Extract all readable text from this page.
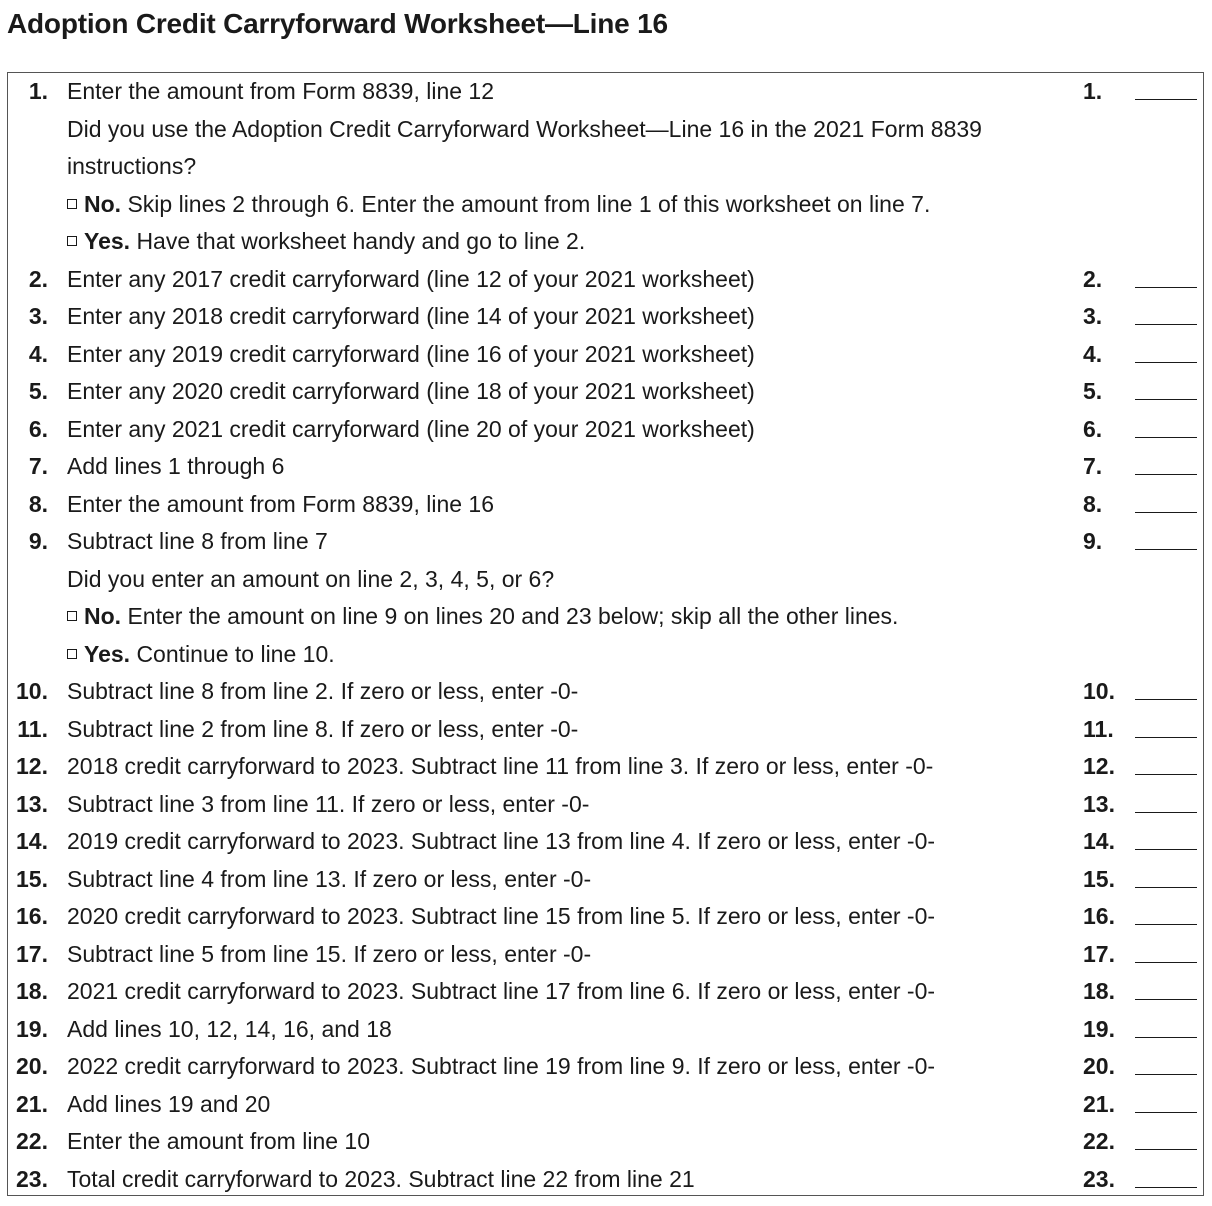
Adoption Credit Carryforward Worksheet—Line 16
1. Enter the amount from Form 8839, line 12	1.
Did you use the Adoption Credit Carryforward Worksheet—Line 16 in the 2021 Form 8839
instructions?
No. Skip lines 2 through 6. Enter the amount from line 1 of this worksheet on line 7.
Yes. Have that worksheet handy and go to line 2.
2. Enter any 2017 credit carryforward (line 12 of your 2021 worksheet)	2.
3. Enter any 2018 credit carryforward (line 14 of your 2021 worksheet)	3.
4. Enter any 2019 credit carryforward (line 16 of your 2021 worksheet)	4.
5. Enter any 2020 credit carryforward (line 18 of your 2021 worksheet)	5.
6. Enter any 2021 credit carryforward (line 20 of your 2021 worksheet)	6.
7. Add lines 1 through 6	7.
8. Enter the amount from Form 8839, line 16	8.
9. Subtract line 8 from line 7	9.
Did you enter an amount on line 2, 3, 4, 5, or 6?
No. Enter the amount on line 9 on lines 20 and 23 below; skip all the other lines.
Yes. Continue to line 10.
10. Subtract line 8 from line 2. If zero or less, enter -0-	10.
11. Subtract line 2 from line 8. If zero or less, enter -0-	11.
12. 2018 credit carryforward to 2023. Subtract line 11 from line 3. If zero or less, enter -0-	12.
13. Subtract line 3 from line 11. If zero or less, enter -0-	13.
14. 2019 credit carryforward to 2023. Subtract line 13 from line 4. If zero or less, enter -0-	14.
15. Subtract line 4 from line 13. If zero or less, enter -0-	15.
16. 2020 credit carryforward to 2023. Subtract line 15 from line 5. If zero or less, enter -0-	16.
17. Subtract line 5 from line 15. If zero or less, enter -0-	17.
18. 2021 credit carryforward to 2023. Subtract line 17 from line 6. If zero or less, enter -0-	18.
19. Add lines 10, 12, 14, 16, and 18	19.
20. 2022 credit carryforward to 2023. Subtract line 19 from line 9. If zero or less, enter -0-	20.
21. Add lines 19 and 20	21.
22. Enter the amount from line 10	22.
23. Total credit carryforward to 2023. Subtract line 22 from line 21	23.
